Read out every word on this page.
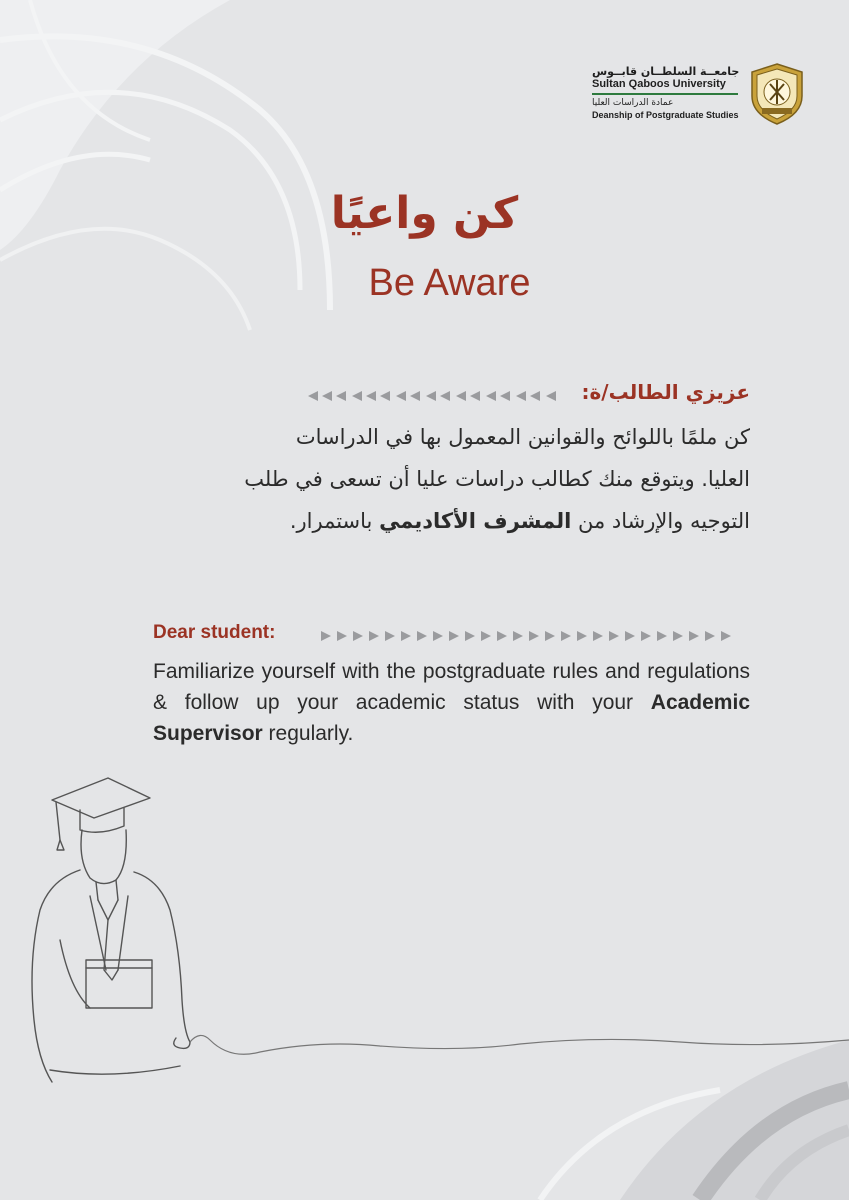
جامعــة السلطــان قابــوس
Sultan Qaboos University
عمادة الدراسات العليا
Deanship of Postgraduate Studies
كن واعيًا
Be Aware
عزيزي الطالب/ة:
كن ملمًا باللوائح والقوانين المعمول بها في الدراسات
العليا. ويتوقع منك كطالب دراسات عليا أن تسعى في طلب
التوجيه والإرشاد من المشرف الأكاديمي باستمرار.
Dear student:
Familiarize yourself with the postgraduate rules and regulations & follow up your academic status with your Academic Supervisor regularly.
